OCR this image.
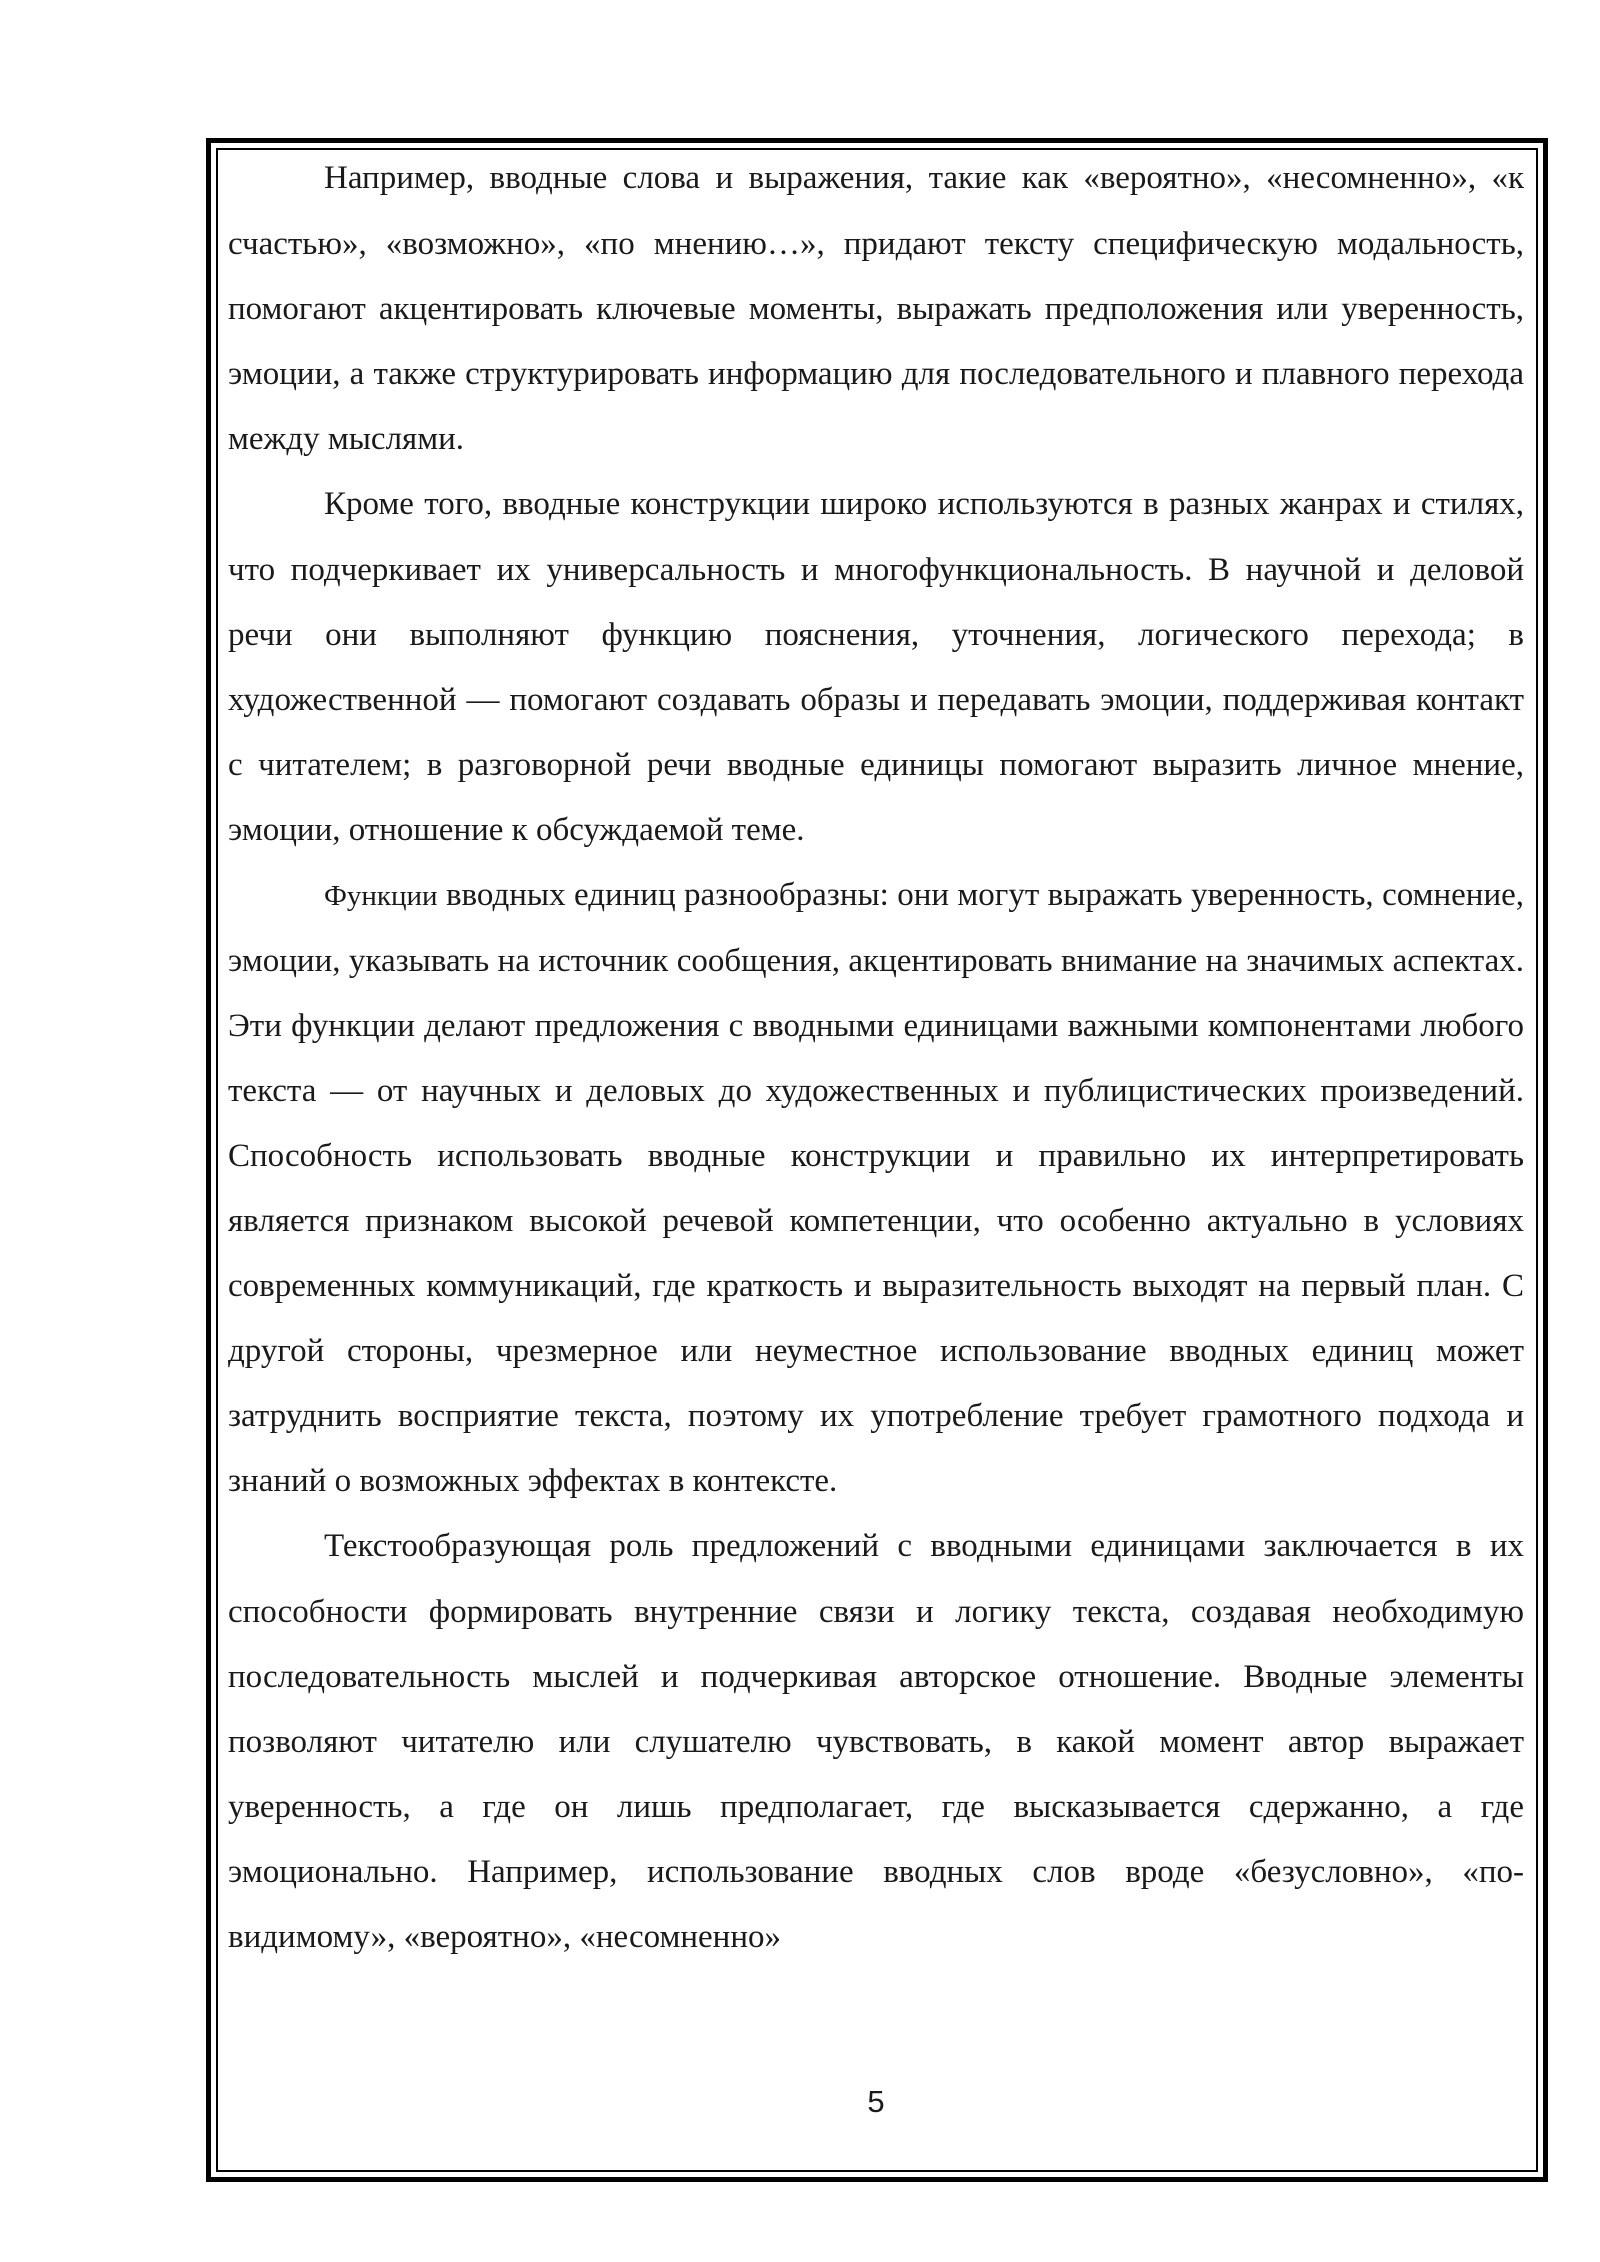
Например, вводные слова и выражения, такие как «вероятно», «несомненно», «к счастью», «возможно», «по мнению…», придают тексту специфическую модальность, помогают акцентировать ключевые моменты, выражать предположения или уверенность, эмоции, а также структурировать информацию для последовательного и плавного перехода между мыслями.

Кроме того, вводные конструкции широко используются в разных жанрах и стилях, что подчеркивает их универсальность и многофункциональность. В научной и деловой речи они выполняют функцию пояснения, уточнения, логического перехода; в художественной — помогают создавать образы и передавать эмоции, поддерживая контакт с читателем; в разговорной речи вводные единицы помогают выразить личное мнение, эмоции, отношение к обсуждаемой теме.

Функции вводных единиц разнообразны: они могут выражать уверенность, сомнение, эмоции, указывать на источник сообщения, акцентировать внимание на значимых аспектах. Эти функции делают предложения с вводными единицами важными компонентами любого текста — от научных и деловых до художественных и публицистических произведений. Способность использовать вводные конструкции и правильно их интерпретировать является признаком высокой речевой компетенции, что особенно актуально в условиях современных коммуникаций, где краткость и выразительность выходят на первый план. С другой стороны, чрезмерное или неуместное использование вводных единиц может затруднить восприятие текста, поэтому их употребление требует грамотного подхода и знаний о возможных эффектах в контексте.

Текстообразующая роль предложений с вводными единицами заключается в их способности формировать внутренние связи и логику текста, создавая необходимую последовательность мыслей и подчеркивая авторское отношение. Вводные элементы позволяют читателю или слушателю чувствовать, в какой момент автор выражает уверенность, а где он лишь предполагает, где высказывается сдержанно, а где эмоционально. Например, использование вводных слов вроде «безусловно», «по-видимому», «вероятно», «несомненно»

5
